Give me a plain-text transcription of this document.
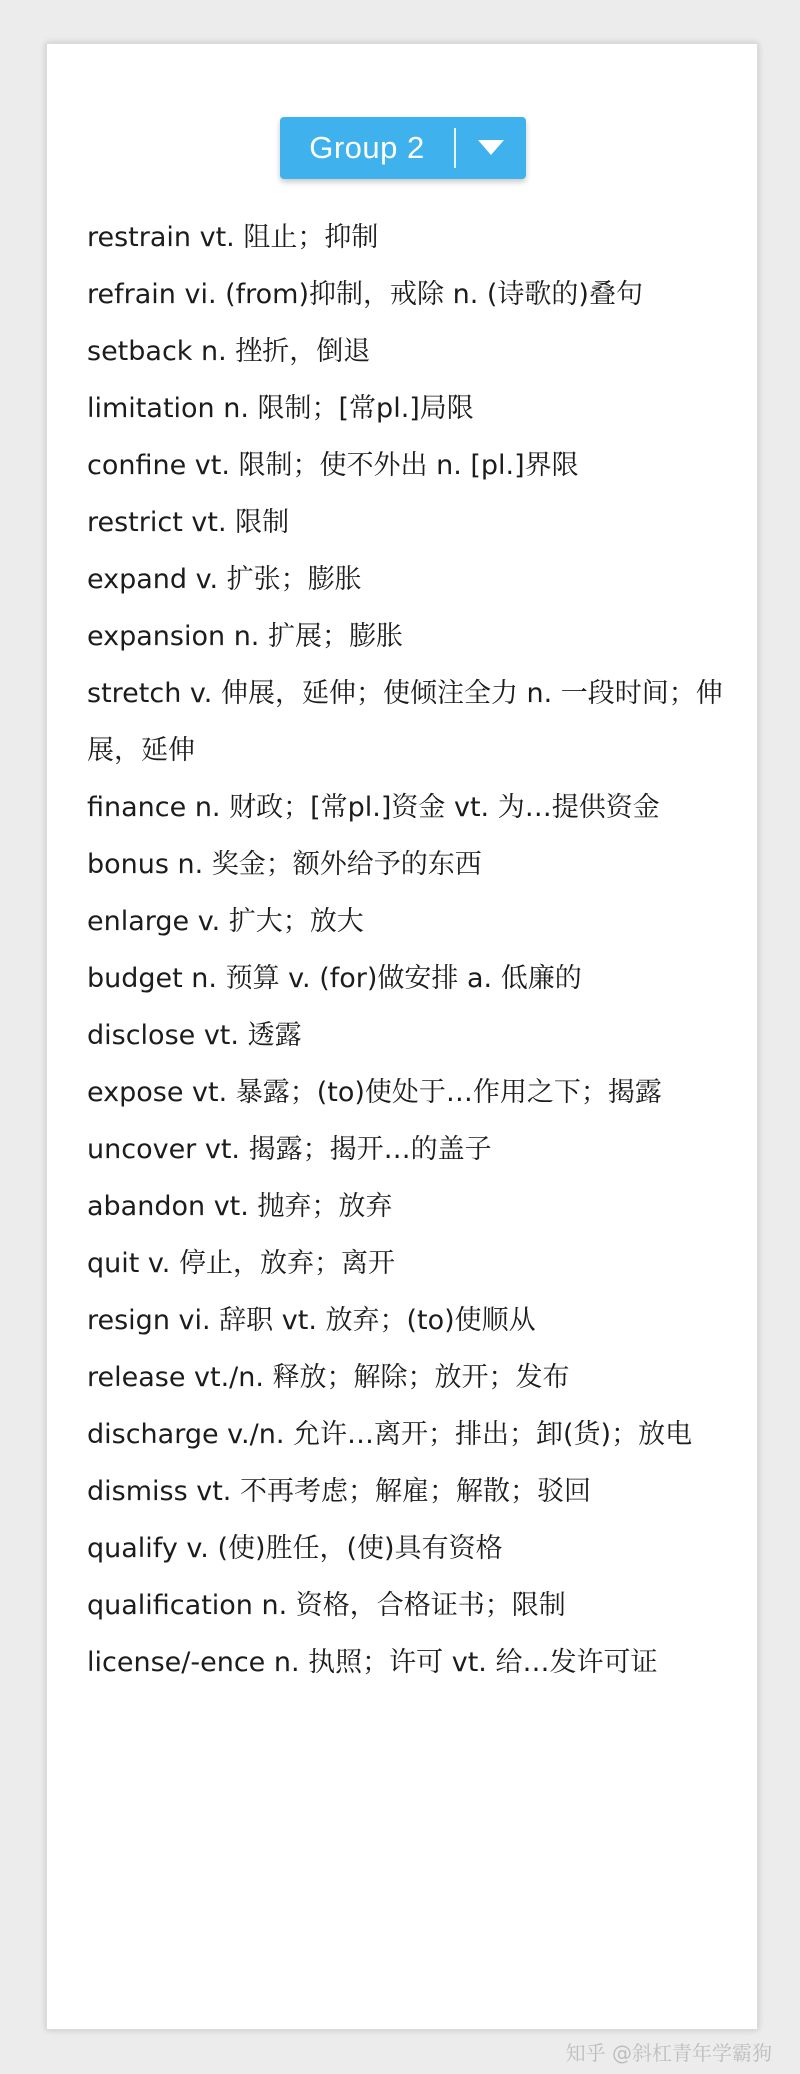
Group 2

restrain vt. 阻止；抑制

refrain vi. (from)抑制，戒除 n. (诗歌的)叠句

setback n. 挫折，倒退

limitation n. 限制；[常pl.]局限

confine vt. 限制；使不外出 n. [pl.]界限

restrict vt. 限制

expand v. 扩张；膨胀

expansion n. 扩展；膨胀

stretch v. 伸展，延伸；使倾注全力 n. 一段时间；伸展，延伸

finance n. 财政；[常pl.]资金 vt. 为…提供资金

bonus n. 奖金；额外给予的东西

enlarge v. 扩大；放大

budget n. 预算 v. (for)做安排 a. 低廉的

disclose vt. 透露

expose vt. 暴露；(to)使处于…作用之下；揭露

uncover vt. 揭露；揭开…的盖子

abandon vt. 抛弃；放弃

quit v. 停止，放弃；离开

resign vi. 辞职 vt. 放弃；(to)使顺从

release vt./n. 释放；解除；放开；发布

discharge v./n. 允许…离开；排出；卸(货)；放电

dismiss vt. 不再考虑；解雇；解散；驳回

qualify v. (使)胜任，(使)具有资格

qualification n. 资格，合格证书；限制

license/-ence n. 执照；许可 vt. 给…发许可证

知乎 @斜杠青年学霸狗
